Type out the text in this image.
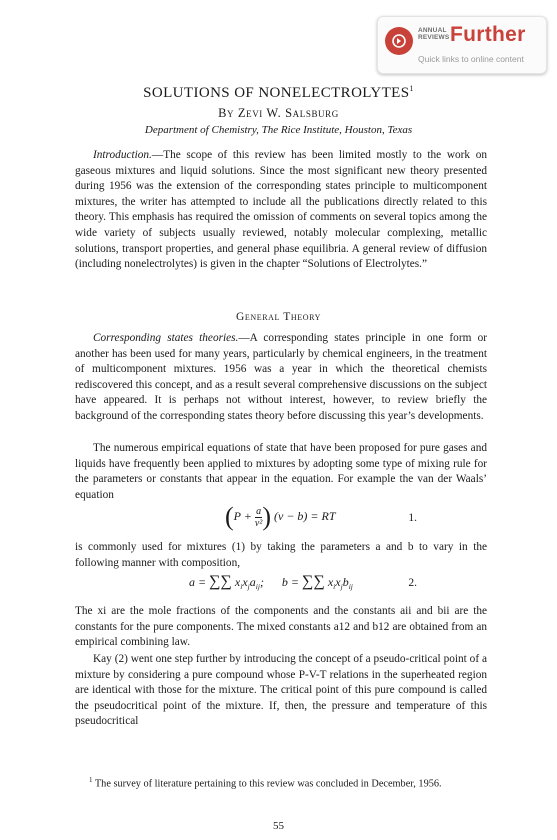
ANNUAL
REVIEWS Further
Quick links to online content
SOLUTIONS OF NONELECTROLYTES$^1$
By Zevi W. Salsburg
Department of Chemistry, The Rice Institute, Houston, Texas

Introduction.—The scope of this review has been limited mostly to the work on gaseous mixtures and liquid solutions. Since the most significant new theory presented during 1956 was the extension of the corresponding states principle to multicomponent mixtures, the writer has attempted to include all the publications directly related to this theory. This emphasis has required the omission of comments on several topics among the wide variety of subjects usually reviewed, notably molecular complexing, metallic solutions, transport properties, and general phase equilibria. A general review of diffusion (including nonelectrolytes) is given in the chapter “Solutions of Electrolytes.”

General Theory

Corresponding states theories.—A corresponding states principle in one form or another has been used for many years, particularly by chemical engineers, in the treatment of multicomponent mixtures. 1956 was a year in which the theoretical chemists rediscovered this concept, and as a result several comprehensive discussions on the subject have appeared. It is perhaps not without interest, however, to review briefly the background of the corresponding states theory before discussing this year’s developments.

The numerous empirical equations of state that have been proposed for pure gases and liquids have frequently been applied to mixtures by adopting some type of mixing rule for the parameters or constants that appear in the equation. For example the van der Waals’ equation

($P + \frac{a}{\text{v²}}$ ) (v − b) = RT	1.

is commonly used for mixtures (1) by taking the parameters a and b to vary in the following manner with composition,

a = ∑∑ $x_ix_ja_{ij}$;      b = ∑∑ $x_ix_jb_{ij}$	2.

The xi are the mole fractions of the components and the constants aii and bii are the constants for the pure components. The mixed constants a12 and b12 are obtained from an empirical combining law.

Kay (2) went one step further by introducing the concept of a pseudo-critical point of a mixture by considering a pure compound whose P-V-T relations in the superheated region are identical with those for the mixture. The critical point of this pure compound is called the pseudocritical point of the mixture. If, then, the pressure and temperature of this pseudocritical

$^1$ The survey of literature pertaining to this review was concluded in December, 1956.
55
